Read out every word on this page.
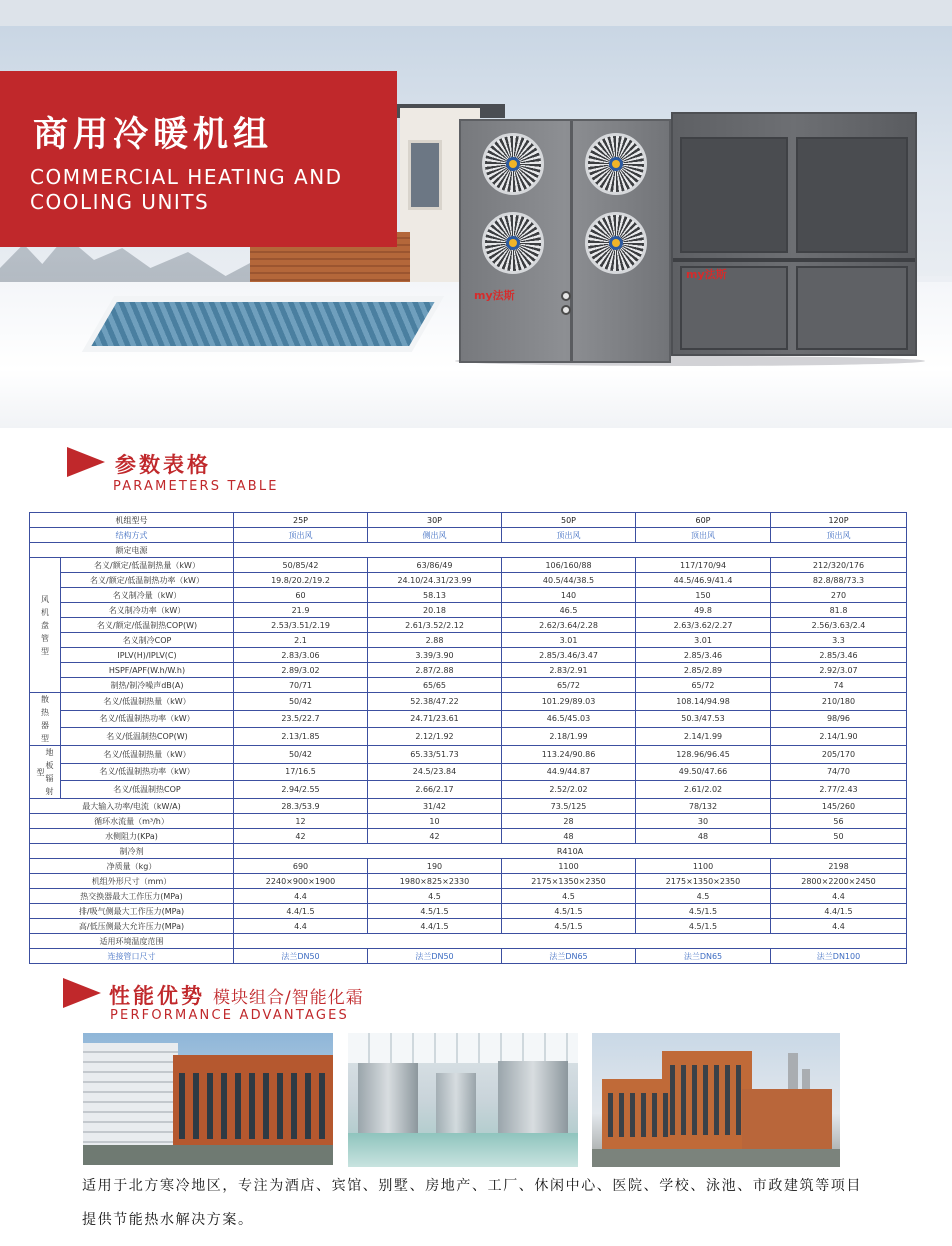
my法斯
my法斯
商用冷暖机组
COMMERCIAL HEATING AND COOLING UNITS
参数表格
PARAMETERS TABLE
机组型号		25P	30P	50P	60P	120P
结构方式		顶出风	侧出风	顶出风	顶出风	顶出风
额定电源						

风
机
盘
管
型	名义/额定/低温制热量（kW）	50/85/42	63/86/49	106/160/88	117/170/94	212/320/176
	名义/额定/低温制热功率（kW）	19.8/20.2/19.2	24.10/24.31/23.99	40.5/44/38.5	44.5/46.9/41.4	82.8/88/73.3
	名义制冷量（kW）	60	58.13	140	150	270
	名义制冷功率（kW）	21.9	20.18	46.5	49.8	81.8
	名义/额定/低温制热COP(W)	2.53/3.51/2.19	2.61/3.52/2.12	2.62/3.64/2.28	2.63/3.62/2.27	2.56/3.63/2.4
	名义制冷COP	2.1	2.88	3.01	3.01	3.3
	IPLV(H)/IPLV(C)	2.83/3.06	3.39/3.90	2.85/3.46/3.47	2.85/3.46	2.85/3.46
	HSPF/APF(W.h/W.h)	2.89/3.02	2.87/2.88	2.83/2.91	2.85/2.89	2.92/3.07
	制热/制冷噪声dB(A)	70/71	65/65	65/72	65/72	74

散
热
器
型	名义/低温制热量（kW）	50/42	52.38/47.22	101.29/89.03	108.14/94.98	210/180
	名义/低温制热功率（kW）	23.5/22.7	24.71/23.61	46.5/45.03	50.3/47.53	98/96
	名义/低温制热COP(W)	2.13/1.85	2.12/1.92	2.18/1.99	2.14/1.99	2.14/1.90

型
地
板
辐
射	名义/低温制热量（kW）	50/42	65.33/51.73	113.24/90.86	128.96/96.45	205/170
	名义/低温制热功率（kW）	17/16.5	24.5/23.84	44.9/44.87	49.50/47.66	74/70
	名义/低温制热COP	2.94/2.55	2.66/2.17	2.52/2.02	2.61/2.02	2.77/2.43
最大输入功率/电流（kW/A)		28.3/53.9	31/42	73.5/125	78/132	145/260
循环水流量（m³/h）		12	10	28	30	56
水侧阻力(KPa)		42	42	48	48	50
制冷剂		R410A				
净质量（kg）		690	190	1100	1100	2198
机组外形尺寸（mm）		2240×900×1900	1980×825×2330	2175×1350×2350	2175×1350×2350	2800×2200×2450
热交换器最大工作压力(MPa)		4.4	4.5	4.5	4.5	4.4
排/吸气侧最大工作压力(MPa)		4.4/1.5	4.5/1.5	4.5/1.5	4.5/1.5	4.4/1.5
高/低压侧最大允许压力(MPa)		4.4	4.4/1.5	4.5/1.5	4.5/1.5	4.4
适用环境温度范围						
连接管口尺寸		法兰DN50	法兰DN50	法兰DN65	法兰DN65	法兰DN100
性能优势 模块组合/智能化霜
PERFORMANCE ADVANTAGES
适用于北方寒冷地区，专注为酒店、宾馆、别墅、房地产、工厂、休闲中心、医院、学校、泳池、市政建筑等项目提供节能热水解决方案。
